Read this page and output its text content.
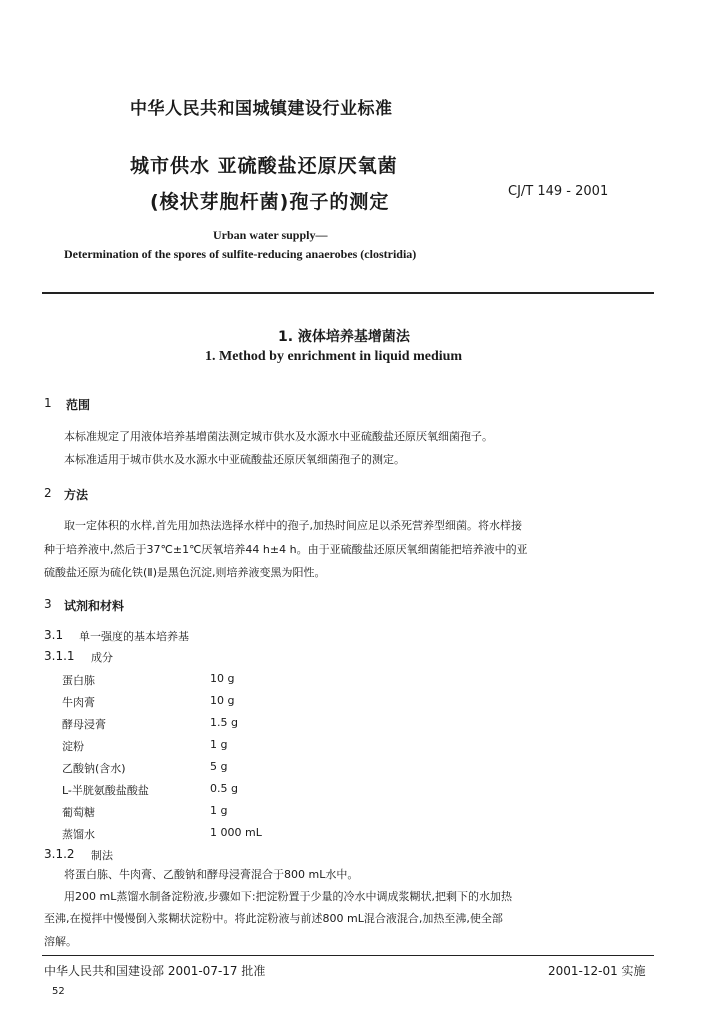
中华人民共和国城镇建设行业标准
城市供水 亚硫酸盐还原厌氧菌
(梭状芽胞杆菌)孢子的测定	CJ/T 149 - 2001
Urban water supply—
Determination of the spores of sulfite-reducing anaerobes (clostridia)
1. 液体培养基增菌法
1. Method by enrichment in liquid medium
1 范围
本标准规定了用液体培养基增菌法测定城市供水及水源水中亚硫酸盐还原厌氧细菌孢子。
本标准适用于城市供水及水源水中亚硫酸盐还原厌氧细菌孢子的测定。
2 方法
取一定体积的水样,首先用加热法选择水样中的孢子,加热时间应足以杀死营养型细菌。将水样接
种于培养液中,然后于37℃±1℃厌氧培养44 h±4 h。由于亚硫酸盐还原厌氧细菌能把培养液中的亚
硫酸盐还原为硫化铁(Ⅱ)是黑色沉淀,则培养液变黑为阳性。
3 试剂和材料
3.1 单一强度的基本培养基
3.1.1 成分
蛋白胨	10 g
牛肉膏	10 g
酵母浸膏	1.5 g
淀粉	1 g
乙酸钠(含水)	5 g
L-半胱氨酸盐酸盐	0.5 g
葡萄糖	1 g
蒸馏水	1 000 mL
3.1.2 制法
将蛋白胨、牛肉膏、乙酸钠和酵母浸膏混合于800 mL水中。
用200 mL蒸馏水制备淀粉液,步骤如下:把淀粉置于少量的冷水中调成浆糊状,把剩下的水加热
至沸,在搅拌中慢慢倒入浆糊状淀粉中。将此淀粉液与前述800 mL混合液混合,加热至沸,使全部
溶解。
中华人民共和国建设部 2001-07-17 批准	2001-12-01 实施
52
